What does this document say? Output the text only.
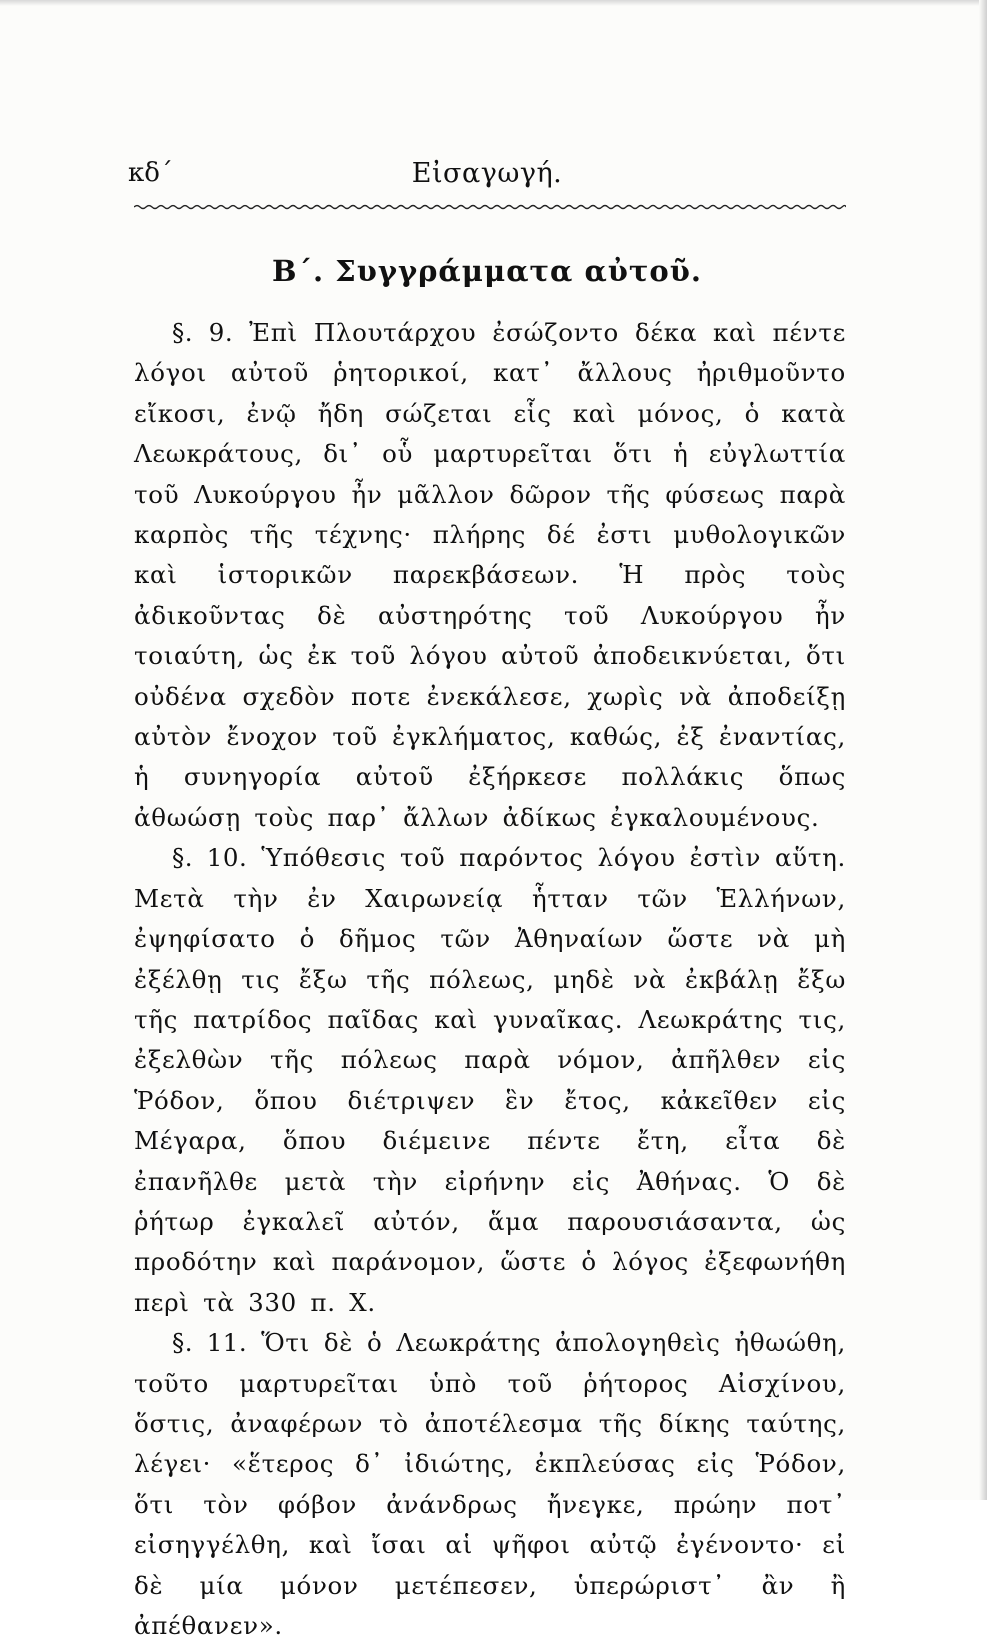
κδ΄	Εἰσαγωγή.
Β΄. Συγγράμματα αὐτοῦ.

§. 9. Ἐπὶ Πλουτάρχου ἐσώζοντο δέκα καὶ πέντε λόγοι αὐτοῦ ῥητορικοί, κατ᾽ ἄλλους ἠριθμοῦντο εἴκοσι, ἐνῷ ἤδη σώζεται εἷς καὶ μόνος, ὁ κατὰ Λεωκράτους, δι᾽ οὗ μαρτυρεῖται ὅτι ἡ εὐγλωττία τοῦ Λυκούργου ἦν μᾶλλον δῶρον τῆς φύσεως παρὰ καρπὸς τῆς τέχνης· πλήρης δέ ἐστι μυθολογικῶν καὶ ἱστορικῶν παρεκβάσεων. Ἡ πρὸς τοὺς ἀδικοῦντας δὲ αὐστηρότης τοῦ Λυκούργου ἦν τοιαύτη, ὡς ἐκ τοῦ λόγου αὐτοῦ ἀποδεικνύεται, ὅτι οὐδένα σχεδὸν ποτε ἐνεκάλεσε, χωρὶς νὰ ἀποδείξῃ αὐτὸν ἔνοχον τοῦ ἐγκλήματος, καθώς, ἐξ ἐναντίας, ἡ συνηγορία αὐτοῦ ἐξήρκεσε πολλάκις ὅπως ἀθωώσῃ τοὺς παρ᾽ ἄλλων ἀδίκως ἐγκαλουμένους.

§. 10. Ὑπόθεσις τοῦ παρόντος λόγου ἐστὶν αὕτη. Μετὰ τὴν ἐν Χαιρωνείᾳ ἧτταν τῶν Ἑλλήνων, ἐψηφίσατο ὁ δῆμος τῶν Ἀθηναίων ὥστε νὰ μὴ ἐξέλθῃ τις ἔξω τῆς πόλεως, μηδὲ νὰ ἐκβάλῃ ἔξω τῆς πατρίδος παῖδας καὶ γυναῖκας. Λεωκράτης τις, ἐξελθὼν τῆς πόλεως παρὰ νόμον, ἀπῆλθεν εἰς Ῥόδον, ὅπου διέτριψεν ἓν ἔτος, κἀκεῖθεν εἰς Μέγαρα, ὅπου διέμεινε πέντε ἔτη, εἶτα δὲ ἐπανῆλθε μετὰ τὴν εἰρήνην εἰς Ἀθήνας. Ὁ δὲ ῥήτωρ ἐγκαλεῖ αὐτόν, ἅμα παρουσιάσαντα, ὡς προδότην καὶ παράνομον, ὥστε ὁ λόγος ἐξεφωνήθη περὶ τὰ 330 π. Χ.

§. 11. Ὅτι δὲ ὁ Λεωκράτης ἀπολογηθεὶς ἠθωώθη, τοῦτο μαρτυρεῖται ὑπὸ τοῦ ῥήτορος Αἰσχίνου, ὅστις, ἀναφέρων τὸ ἀποτέλεσμα τῆς δίκης ταύτης, λέγει· «ἕτερος δ᾽ ἰδιώτης, ἐκπλεύσας εἰς Ῥόδον, ὅτι τὸν φόβον ἀνάνδρως ἤνεγκε, πρώην ποτ᾽ εἰσηγγέλθη, καὶ ἴσαι αἱ ψῆφοι αὐτῷ ἐγένοντο· εἰ δὲ μία μόνον μετέπεσεν, ὑπερώριστ᾽ ἂν ἢ ἀπέθανεν».
